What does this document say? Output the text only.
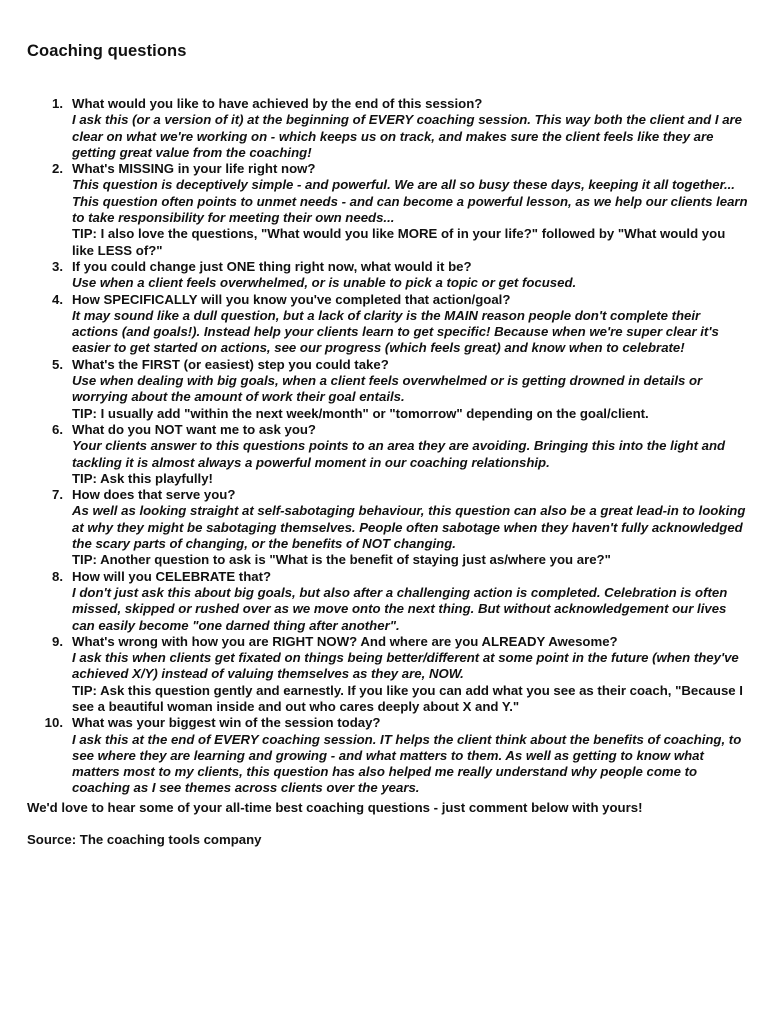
Coaching questions
1. What would you like to have achieved by the end of this session?
I ask this (or a version of it) at the beginning of EVERY coaching session. This way both the client and I are clear on what we're working on - which keeps us on track, and makes sure the client feels like they are getting great value from the coaching!
2. What's MISSING in your life right now?
This question is deceptively simple - and powerful. We are all so busy these days, keeping it all together... This question often points to unmet needs - and can become a powerful lesson, as we help our clients learn to take responsibility for meeting their own needs...
TIP: I also love the questions, "What would you like MORE of in your life?" followed by "What would you like LESS of?"
3. If you could change just ONE thing right now, what would it be?
Use when a client feels overwhelmed, or is unable to pick a topic or get focused.
4. How SPECIFICALLY will you know you've completed that action/goal?
It may sound like a dull question, but a lack of clarity is the MAIN reason people don't complete their actions (and goals!). Instead help your clients learn to get specific! Because when we're super clear it's easier to get started on actions, see our progress (which feels great) and know when to celebrate!
5. What's the FIRST (or easiest) step you could take?
Use when dealing with big goals, when a client feels overwhelmed or is getting drowned in details or worrying about the amount of work their goal entails.
TIP: I usually add "within the next week/month" or "tomorrow" depending on the goal/client.
6. What do you NOT want me to ask you?
Your clients answer to this questions points to an area they are avoiding. Bringing this into the light and tackling it is almost always a powerful moment in our coaching relationship.
TIP: Ask this playfully!
7. How does that serve you?
As well as looking straight at self-sabotaging behaviour, this question can also be a great lead-in to looking at why they might be sabotaging themselves. People often sabotage when they haven't fully acknowledged the scary parts of changing, or the benefits of NOT changing.
TIP: Another question to ask is "What is the benefit of staying just as/where you are?"
8. How will you CELEBRATE that?
I don't just ask this about big goals, but also after a challenging action is completed. Celebration is often missed, skipped or rushed over as we move onto the next thing. But without acknowledgement our lives can easily become "one darned thing after another".
9. What's wrong with how you are RIGHT NOW? And where are you ALREADY Awesome?
I ask this when clients get fixated on things being better/different at some point in the future (when they've achieved X/Y) instead of valuing themselves as they are, NOW.
TIP: Ask this question gently and earnestly. If you like you can add what you see as their coach, "Because I see a beautiful woman inside and out who cares deeply about X and Y."
10. What was your biggest win of the session today?
I ask this at the end of EVERY coaching session. IT helps the client think about the benefits of coaching, to see where they are learning and growing - and what matters to them. As well as getting to know what matters most to my clients, this question has also helped me really understand why people come to coaching as I see themes across clients over the years.

We'd love to hear some of your all-time best coaching questions - just comment below with yours!

Source: The coaching tools company
